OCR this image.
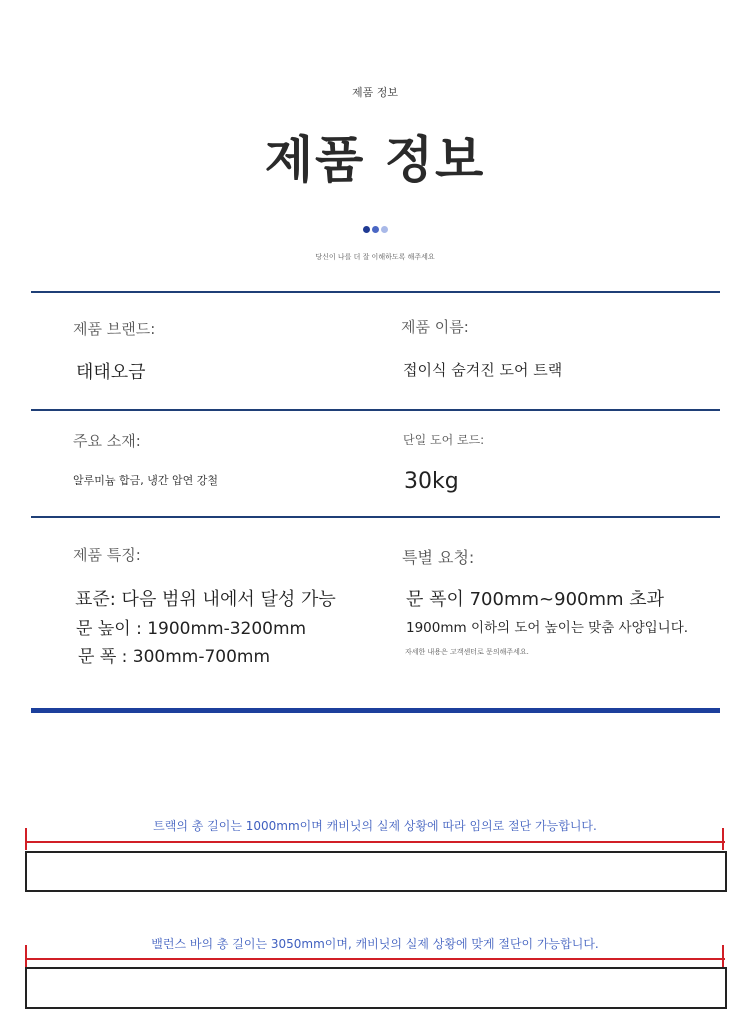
제품 정보
제품 정보
당신이 나를 더 잘 이해하도록 해주세요
제품 브랜드:
태태오금
제품 이름:
접이식 숨겨진 도어 트랙
주요 소재:
알루미늄 합금, 냉간 압연 강철
단일 도어 로드:
30kg
제품 특징:
표준: 다음 범위 내에서 달성 가능
문 높이 : 1900mm-3200mm
문 폭 : 300mm-700mm
특별 요청:
문 폭이 700mm~900mm 초과
1900mm 이하의 도어 높이는 맞춤 사양입니다.
자세한 내용은 고객센터로 문의해주세요.
트랙의 총 길이는 1000mm이며 캐비닛의 실제 상황에 따라 임의로 절단 가능합니다.
밸런스 바의 총 길이는 3050mm이며, 캐비닛의 실제 상황에 맞게 절단이 가능합니다.
